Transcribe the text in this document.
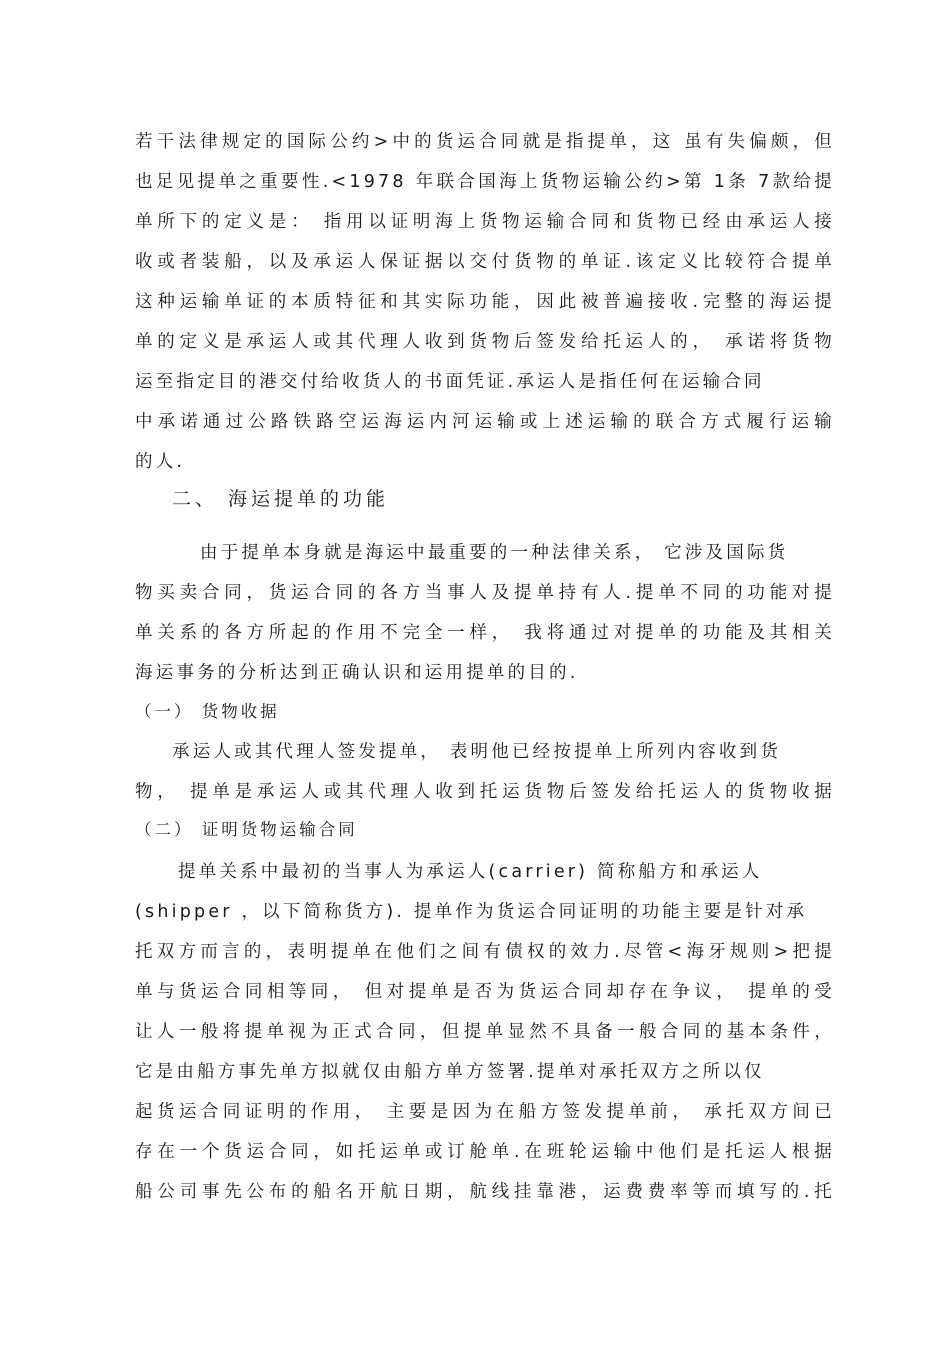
若干法律规定的国际公约>中的货运合同就是指提单，这 虽有失偏颇，但
也足见提单之重要性.<1978 年联合国海上货物运输公约>第 1条 7款给提
单所下的定义是： 指用以证明海上货物运输合同和货物已经由承运人接
收或者装船，以及承运人保证据以交付货物的单证.该定义比较符合提单
这种运输单证的本质特征和其实际功能，因此被普遍接收.完整的海运提
单的定义是承运人或其代理人收到货物后签发给托运人的， 承诺将货物
运至指定目的港交付给收货人的书面凭证.承运人是指任何在运输合同
中承诺通过公路铁路空运海运内河运输或上述运输的联合方式履行运输
的人.
二、 海运提单的功能
由于提单本身就是海运中最重要的一种法律关系， 它涉及国际货
物买卖合同，货运合同的各方当事人及提单持有人.提单不同的功能对提
单关系的各方所起的作用不完全一样， 我将通过对提单的功能及其相关
海运事务的分析达到正确认识和运用提单的目的.
（一） 货物收据
承运人或其代理人签发提单， 表明他已经按提单上所列内容收到货
物， 提单是承运人或其代理人收到托运货物后签发给托运人的货物收据
（二） 证明货物运输合同
提单关系中最初的当事人为承运人(carrier) 简称船方和承运人
(shipper ，以下简称货方). 提单作为货运合同证明的功能主要是针对承
托双方而言的，表明提单在他们之间有债权的效力.尽管<海牙规则>把提
单与货运合同相等同， 但对提单是否为货运合同却存在争议， 提单的受
让人一般将提单视为正式合同，但提单显然不具备一般合同的基本条件，
它是由船方事先单方拟就仅由船方单方签署.提单对承托双方之所以仅
起货运合同证明的作用， 主要是因为在船方签发提单前， 承托双方间已
存在一个货运合同，如托运单或订舱单.在班轮运输中他们是托运人根据
船公司事先公布的船名开航日期，航线挂靠港，运费费率等而填写的.托
